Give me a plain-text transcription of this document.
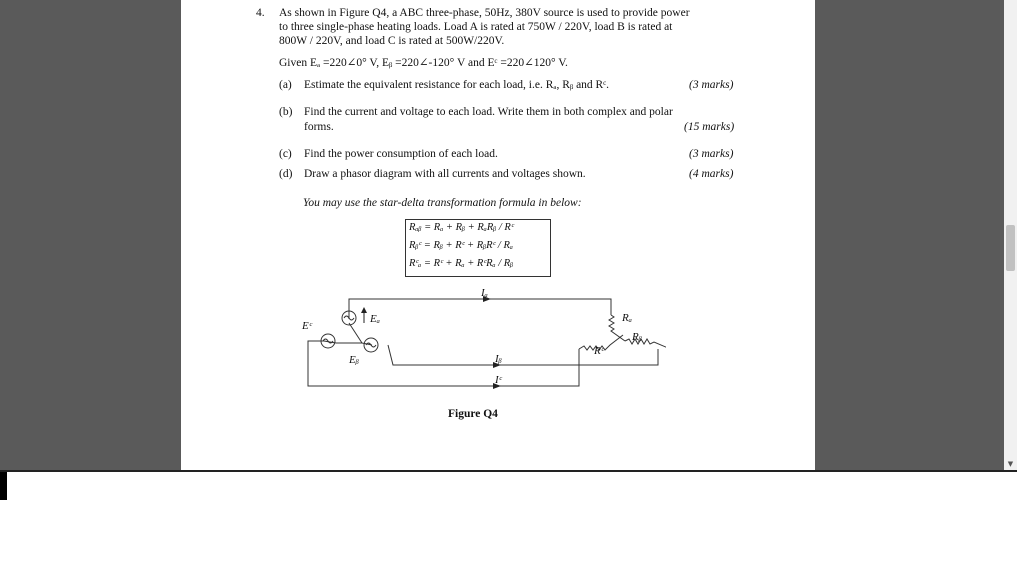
▼
4. As shown in Figure Q4, a ABC three-phase, 50Hz, 380V source is used to provide power
to three single-phase heating loads. Load A is rated at 750W / 220V, load B is rated at
800W / 220V, and load C is rated at 500W/220V.
Given Eₐ =220∠0° V, Eᵦ =220∠-120° V and Eᶜ =220∠120° V.
(a) Estimate the equivalent resistance for each load, i.e. Rₐ, Rᵦ and Rᶜ.	(3 marks)
(b) Find the current and voltage to each load. Write them in both complex and polar
forms.	(15 marks)
(c) Find the power consumption of each load.	(3 marks)
(d) Draw a phasor diagram with all currents and voltages shown.	(4 marks)
You may use the star-delta transformation formula in below:
Rₐᵦ = Rₐ + Rᵦ + RₐRᵦ / Rᶜ
Rᵦᶜ = Rᵦ + Rᶜ + RᵦRᶜ / Rₐ
Rᶜₐ = Rᶜ + Rₐ + RᶜRₐ / Rᵦ
Iₐ
Iᵦ
Iᶜ
Eₐ
Eᵦ
Eᶜ
Rₐ
Rᵦ
Rᶜ
Figure Q4
